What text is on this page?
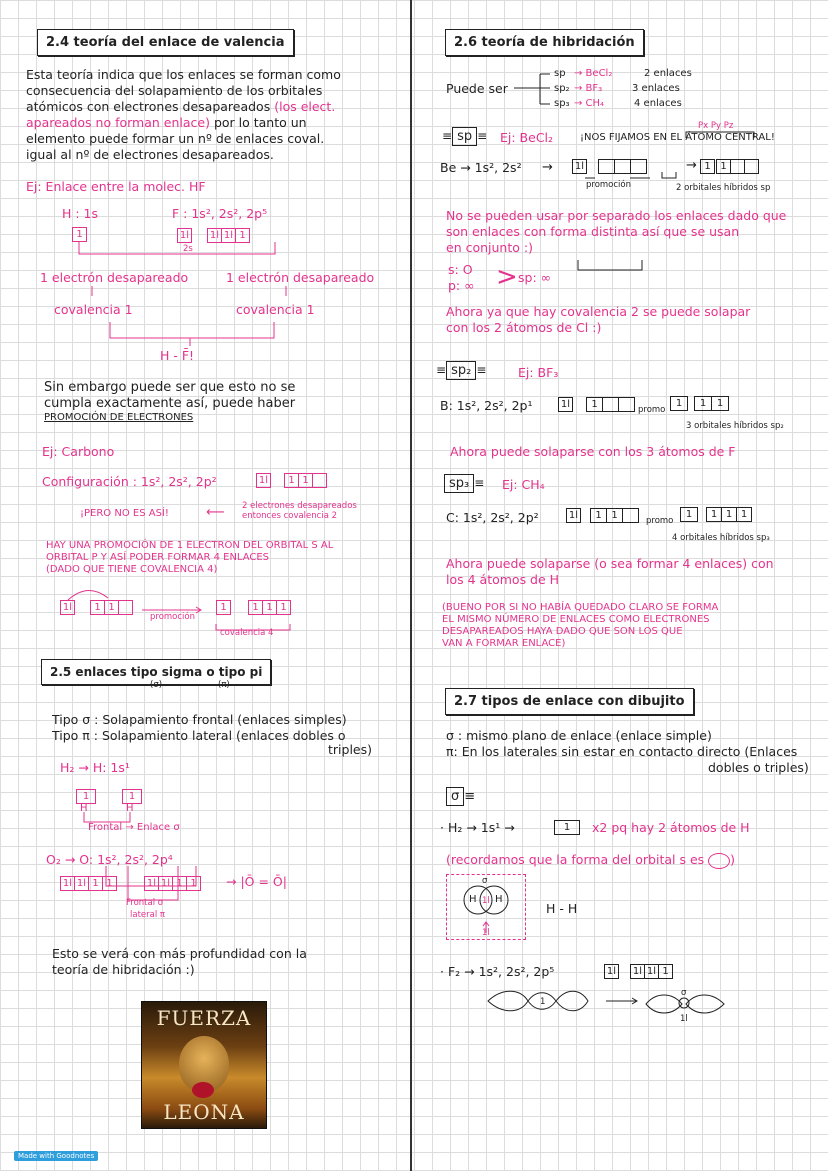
2.4 teoría del enlace de valencia
Esta teoría indica que los enlaces se forman como
consecuencia del solapamiento de los orbitales
atómicos con electrones desapareados (los elect.
apareados no forman enlace) por lo tanto un
elemento puede formar un nº de enlaces coval.
igual al nº de electrones desapareados.
Ej: Enlace entre la molec. HF
H : 1s	F : 1s², 2s², 2p⁵
1	1l 1l 1l 1
2s
1 electrón desapareado	1 electrón desapareado
covalencia 1	covalencia 1
H - F̄!
Sin embargo puede ser que esto no se
cumpla exactamente así, puede haber
PROMOCIÓN DE ELECTRONES
Ej: Carbono
Configuración : 1s², 2s², 2p²	1l	1 1
¡PERO NO ES ASÍ!	⟵ 2 electrones desapareados
entonces covalencia 2
HAY UNA PROMOCIÓN DE 1 ELECTRON DEL ORBITAL S AL
ORBITAL P Y ASÍ PODER FORMAR 4 ENLACES
(DADO QUE TIENE COVALENCIA 4)
1l	1 1
promoción
1	1 1 1
covalencia 4
2.5 enlaces tipo sigma o tipo pi
(σ)	(π)
Tipo σ : Solapamiento frontal (enlaces simples)
Tipo π : Solapamiento lateral (enlaces dobles o
triples)
H₂ → H: 1s¹
1	1
H	H
Frontal → Enlace σ
O₂ → O: 1s², 2s², 2p⁴
1l 1l 1 1	1l 1l 1 1	→ |Ō = Ō|
Frontal σ
lateral π
Esto se verá con más profundidad con la
teoría de hibridación :)
FUERZA
LEONA
2.6 teoría de hibridación
Puede ser
sp
sp₂
sp₃
→ BeCl₂
→ BF₃
→ CH₄
2 enlaces
3 enlaces
4 enlaces
≡ sp ≡ Ej: BeCl₂	¡NOS FIJAMOS EN EL ÁTOMO CENTRAL!
Px Py Pz
Be → 1s², 2s² → 1l
promoción
→ 1 1
2 orbitales híbridos sp
No se pueden usar por separado los enlaces dado que
son enlaces con forma distinta así que se usan
en conjunto :)
s: O
p: ∞ > sp: ∞
Ahora ya que hay covalencia 2 se puede solapar
con los 2 átomos de Cl :)
≡ sp₂ ≡	Ej: BF₃
B: 1s², 2s², 2p¹	1l	1	promo
1	1 1
3 orbitales híbridos sp₂
Ahora puede solaparse con los 3 átomos de F
sp₃ ≡ Ej: CH₄
C: 1s², 2s², 2p²	1l	1 1	promo
1	1 1 1
4 orbitales híbridos sp₃
Ahora puede solaparse (o sea formar 4 enlaces) con
los 4 átomos de H
(BUENO POR SI NO HABÍA QUEDADO CLARO SE FORMA
EL MISMO NÚMERO DE ENLACES COMO ELECTRONES
DESAPAREADOS HAYA DADO QUE SON LOS QUE
VAN A FORMAR ENLACE)
2.7 tipos de enlace con dibujito
σ : mismo plano de enlace (enlace simple)
π: En los laterales sin estar en contacto directo (Enlaces
dobles o triples)
σ ≡
· H₂ → 1s¹ →	1	x2 pq hay 2 átomos de H
(recordamos que la forma del orbital s es )
σ
H 1l H
1l
H - H
· F₂ → 1s², 2s², 2p⁵	1l 1l 1l 1
1
σ
1l
Made with Goodnotes
